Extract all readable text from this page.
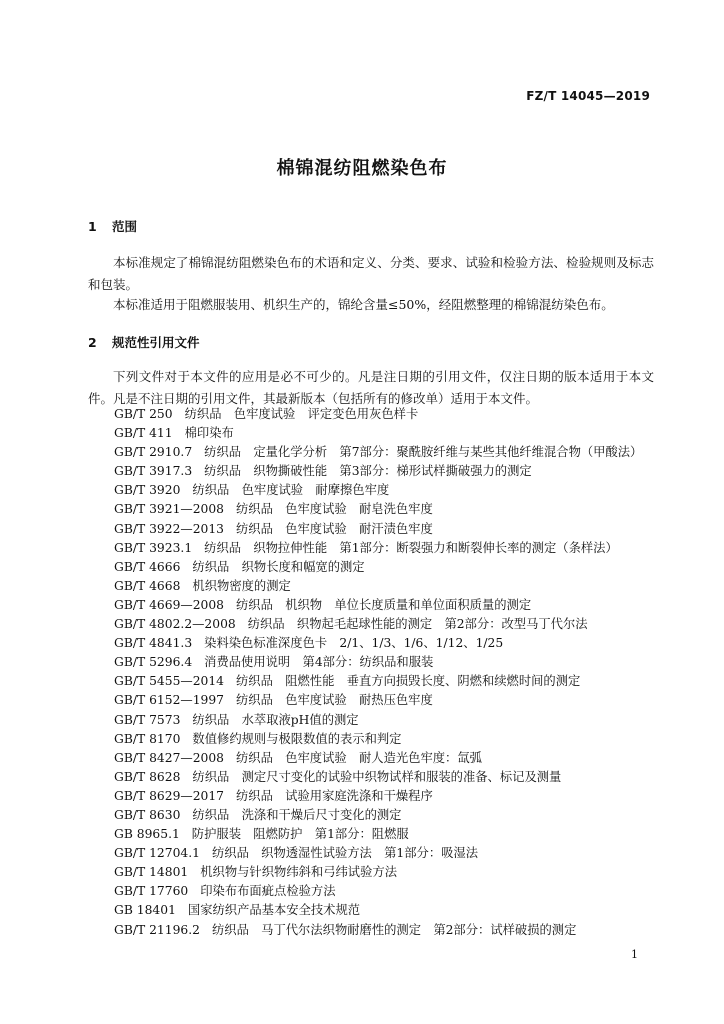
FZ/T 14045—2019
棉锦混纺阻燃染色布
1 范围
本标准规定了棉锦混纺阻燃染色布的术语和定义、分类、要求、试验和检验方法、检验规则及标志和包装。
本标准适用于阻燃服装用、机织生产的，锦纶含量≤50%，经阻燃整理的棉锦混纺染色布。
2 规范性引用文件
下列文件对于本文件的应用是必不可少的。凡是注日期的引用文件，仅注日期的版本适用于本文件。凡是不注日期的引用文件，其最新版本（包括所有的修改单）适用于本文件。
GB/T 250 纺织品　色牢度试验　评定变色用灰色样卡
GB/T 411 棉印染布
GB/T 2910.7 纺织品　定量化学分析　第7部分：聚酰胺纤维与某些其他纤维混合物（甲酸法）
GB/T 3917.3 纺织品　织物撕破性能　第3部分：梯形试样撕破强力的测定
GB/T 3920 纺织品　色牢度试验　耐摩擦色牢度
GB/T 3921—2008 纺织品　色牢度试验　耐皂洗色牢度
GB/T 3922—2013 纺织品　色牢度试验　耐汗渍色牢度
GB/T 3923.1 纺织品　织物拉伸性能　第1部分：断裂强力和断裂伸长率的测定（条样法）
GB/T 4666 纺织品　织物长度和幅宽的测定
GB/T 4668 机织物密度的测定
GB/T 4669—2008 纺织品　机织物　单位长度质量和单位面积质量的测定
GB/T 4802.2—2008 纺织品　织物起毛起球性能的测定　第2部分：改型马丁代尔法
GB/T 4841.3 染料染色标准深度色卡　2/1、1/3、1/6、1/12、1/25
GB/T 5296.4 消费品使用说明　第4部分：纺织品和服装
GB/T 5455—2014 纺织品　阻燃性能　垂直方向损毁长度、阴燃和续燃时间的测定
GB/T 6152—1997 纺织品　色牢度试验　耐热压色牢度
GB/T 7573 纺织品　水萃取液pH值的测定
GB/T 8170 数值修约规则与极限数值的表示和判定
GB/T 8427—2008 纺织品　色牢度试验　耐人造光色牢度：氙弧
GB/T 8628 纺织品　测定尺寸变化的试验中织物试样和服装的准备、标记及测量
GB/T 8629—2017 纺织品　试验用家庭洗涤和干燥程序
GB/T 8630 纺织品　洗涤和干燥后尺寸变化的测定
GB 8965.1 防护服装　阻燃防护　第1部分：阻燃服
GB/T 12704.1 纺织品　织物透湿性试验方法　第1部分：吸湿法
GB/T 14801 机织物与针织物纬斜和弓纬试验方法
GB/T 17760 印染布布面疵点检验方法
GB 18401 国家纺织产品基本安全技术规范
GB/T 21196.2 纺织品　马丁代尔法织物耐磨性的测定　第2部分：试样破损的测定
1
